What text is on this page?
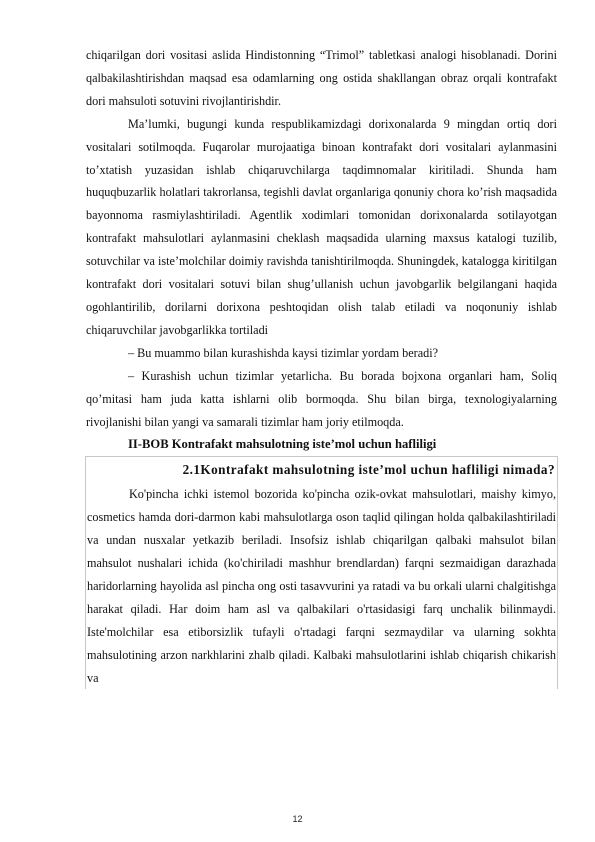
chiqarilgan dori vositasi aslida Hindistonning “Trimol” tabletkasi analogi hisoblanadi. Dorini qalbakilashtirishdan maqsad esa odamlarning ong ostida shakllangan obraz orqali kontrafakt dori mahsuloti sotuvini rivojlantirishdir.

Ma’lumki, bugungi kunda respublikamizdagi dorixonalarda 9 mingdan ortiq dori vositalari sotilmoqda. Fuqarolar murojaatiga binoan kontrafakt dori vositalari aylanmasini to’xtatish yuzasidan ishlab chiqaruvchilarga taqdimnomalar kiritiladi. Shunda ham huquqbuzarlik holatlari takrorlansa, tegishli davlat organlariga qonuniy chora ko’rish maqsadida bayonnoma rasmiylashtiriladi. Agentlik xodimlari tomonidan dorixonalarda sotilayotgan kontrafakt mahsulotlari aylanmasini cheklash maqsadida ularning maxsus katalogi tuzilib, sotuvchilar va iste’molchilar doimiy ravishda tanishtirilmoqda. Shuningdek, katalogga kiritilgan kontrafakt dori vositalari sotuvi bilan shug’ullanish uchun javobgarlik belgilangani haqida ogohlantirilib, dorilarni dorixona peshtoqidan olish talab etiladi va noqonuniy ishlab chiqaruvchilar javobgarlikka tortiladi

– Bu muammo bilan kurashishda kaysi tizimlar yordam beradi?

– Kurashish uchun tizimlar yetarlicha. Bu borada bojxona organlari ham, Soliq qo’mitasi ham juda katta ishlarni olib bormoqda. Shu bilan birga, texnologiyalarning rivojlanishi bilan yangi va samarali tizimlar ham joriy etilmoqda.

II-BOB Kontrafakt mahsulotning iste’mol uchun hafliligi

2.1Kontrafakt mahsulotning iste’mol uchun hafliligi nimada?

Ko'pincha ichki istemol bozorida ko'pincha ozik-ovkat mahsulotlari, maishy kimyo, cosmetics hamda dori-darmon kabi mahsulotlarga oson taqlid qilingan holda qalbakilashtiriladi va undan nusxalar yetkazib beriladi. Insofsiz ishlab chiqarilgan qalbaki mahsulot bilan mahsulot nushalari ichida (ko'chiriladi mashhur brendlardan) farqni sezmaidigan darazhada haridorlarning hayolida asl pincha ong osti tasavvurini ya ratadi va bu orkali ularni chalgitishga harakat qiladi. Har doim ham asl va qalbakilari o'rtasidasigi farq unchalik bilinmaydi. Iste'molchilar esa etiborsizlik tufayli o'rtadagi farqni sezmaydilar va ularning sokhta mahsulotining arzon narkhlarini zhalb qiladi. Kalbaki mahsulotlarini ishlab chiqarish chikarish va

12
